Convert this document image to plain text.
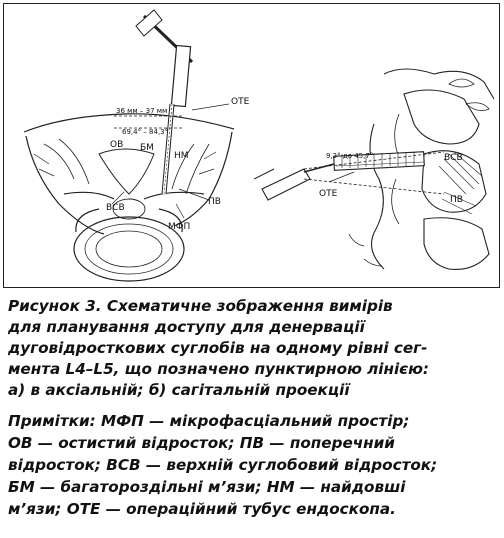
36 мм – 37 мм
69,4° – 84,3°
ОТЕ
ОВ БМ
НМ
ВСВ
ПВ
МФП
9,2° до 45,7°
ОТЕ
ВСВ
ПВ

Рисунок 3. Схематичне зображення вимірів
для планування доступу для денервації
дуговідросткових суглобів на одному рівні сег-
мента L4–L5, що позначено пунктирною лінією:
а) в аксіальній; б) сагітальній проекції

Примітки: МФП — мікрофасціальний простір;
ОВ — остистий відросток; ПВ — поперечний
відросток; ВСВ — верхній суглобовий відросток;
БМ — багатороздільні м’язи; НМ — найдовші
м’язи; ОТЕ — операційний тубус ендоскопа.
